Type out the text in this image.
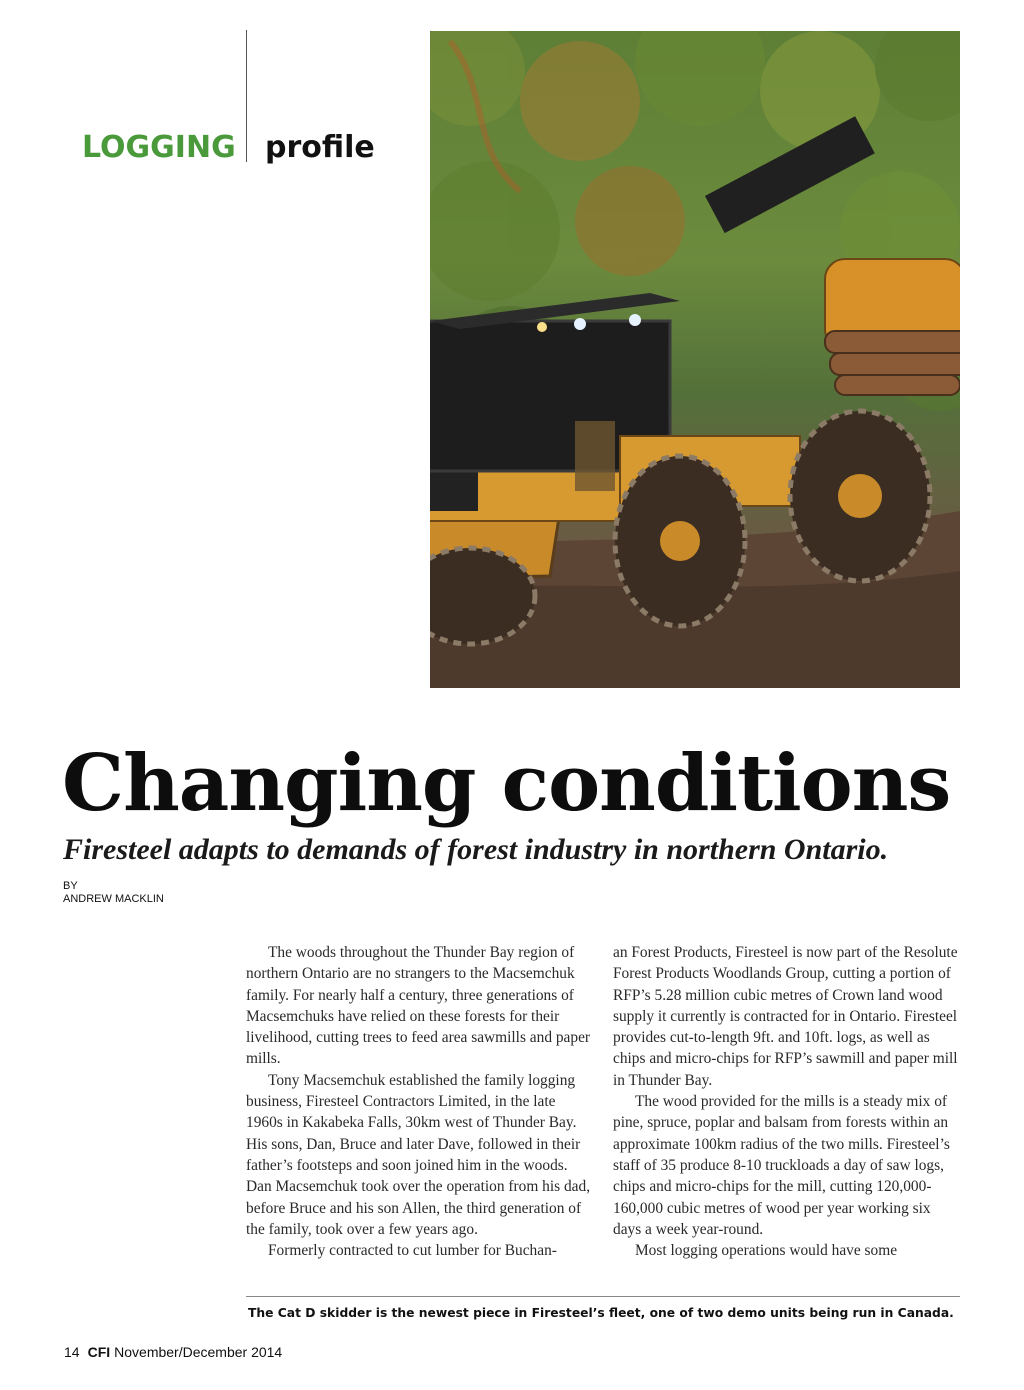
LOGGING profile
Changing conditions
Firesteel adapts to demands of forest industry in northern Ontario.
BY
ANDREW MACKLIN

The woods throughout the Thunder Bay region of northern Ontario are no strangers to the Macsemchuk family. For nearly half a century, three generations of Macsemchuks have relied on these forests for their livelihood, cutting trees to feed area sawmills and paper mills.

Tony Macsemchuk established the family logging business, Firesteel Contractors Limited, in the late 1960s in Kakabeka Falls, 30km west of Thunder Bay. His sons, Dan, Bruce and later Dave, followed in their father’s footsteps and soon joined him in the woods. Dan Macsemchuk took over the operation from his dad, before Bruce and his son Allen, the third generation of the family, took over a few years ago.

Formerly contracted to cut lumber for Buchan-

an Forest Products, Firesteel is now part of the Resolute Forest Products Woodlands Group, cutting a portion of RFP’s 5.28 million cubic metres of Crown land wood supply it currently is contracted for in Ontario. Firesteel provides cut-to-length 9ft. and 10ft. logs, as well as chips and micro-chips for RFP’s sawmill and paper mill in Thunder Bay.

The wood provided for the mills is a steady mix of pine, spruce, poplar and balsam from forests within an approximate 100km radius of the two mills. Firesteel’s staff of 35 produce 8-10 truckloads a day of saw logs, chips and micro-chips for the mill, cutting 120,000-160,000 cubic metres of wood per year working six days a week year-round.

Most logging operations would have some

The Cat D skidder is the newest piece in Firesteel’s fleet, one of two demo units being run in Canada.
14 CFI November/December 2014
